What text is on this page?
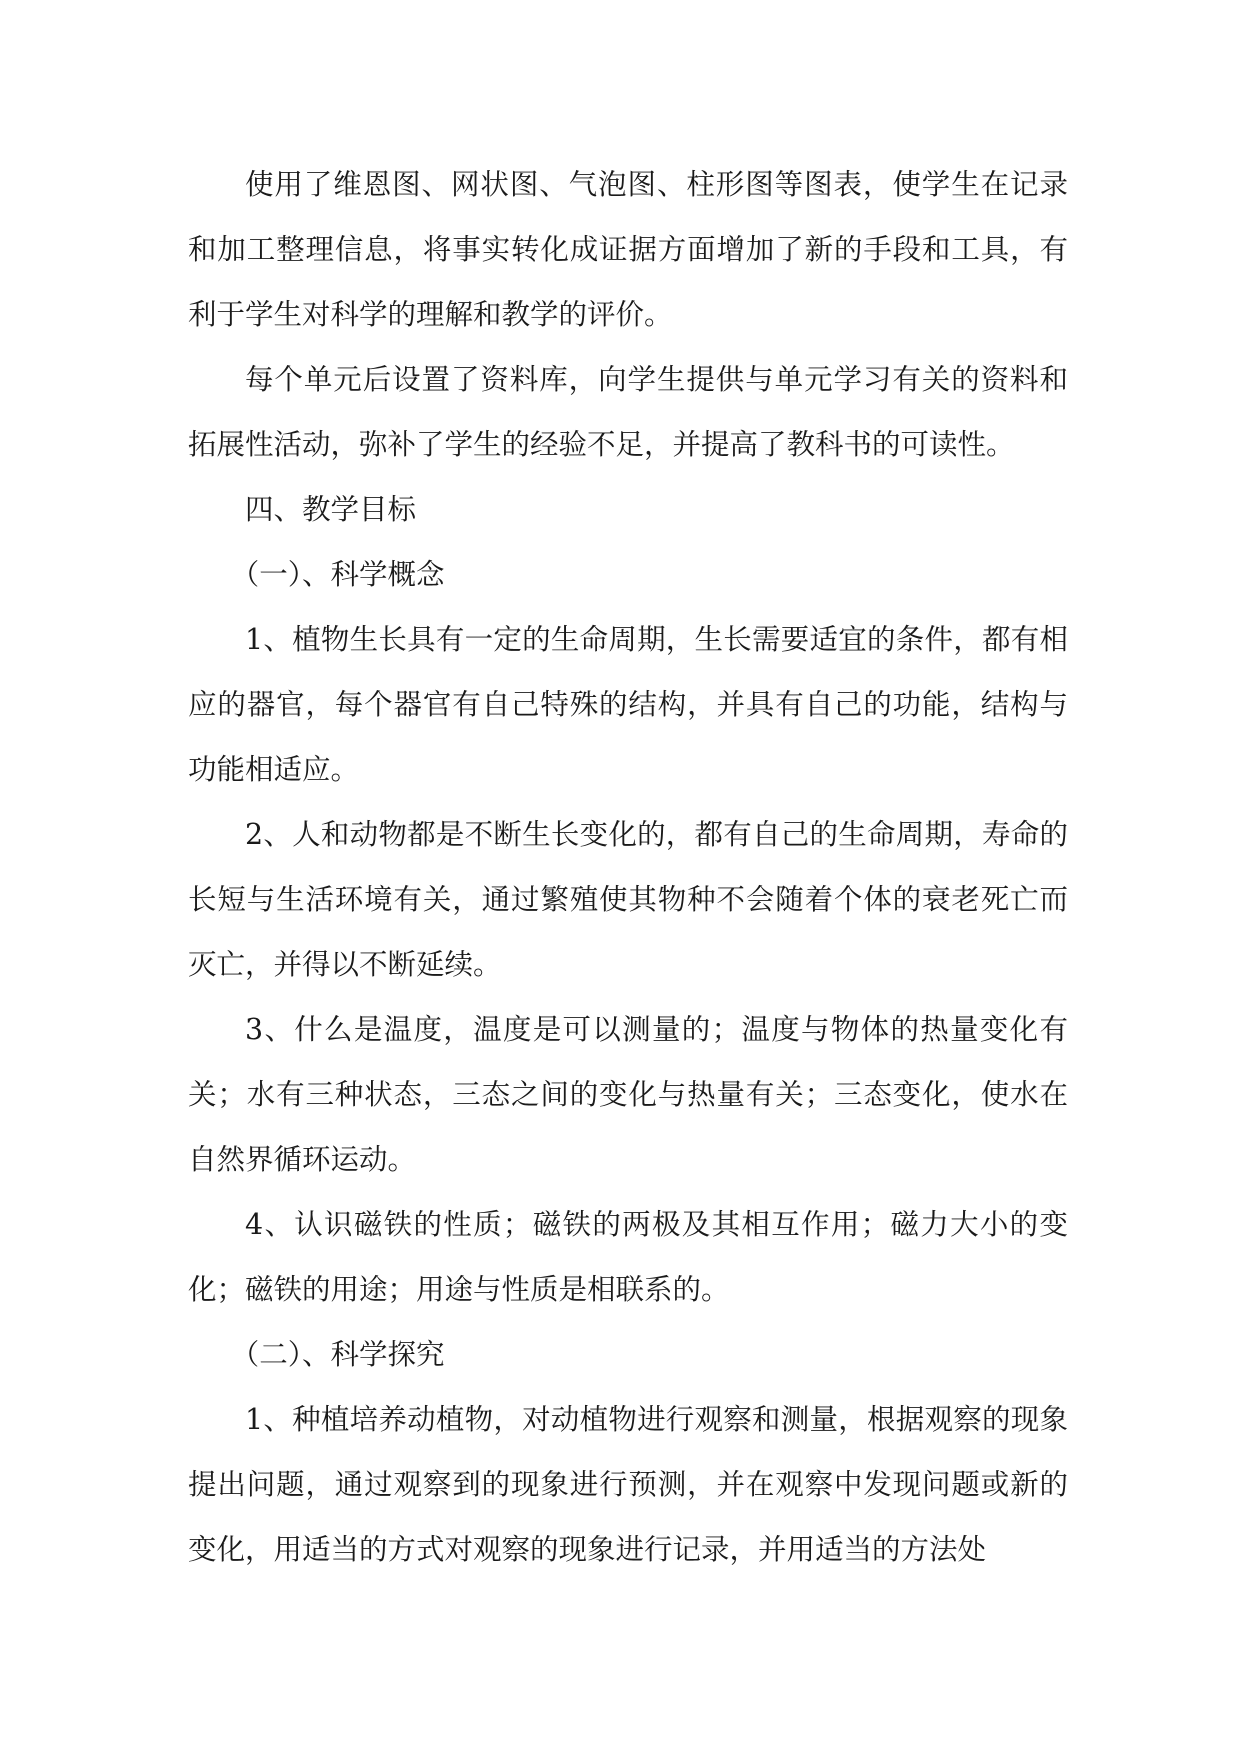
使用了维恩图、网状图、气泡图、柱形图等图表，使学生在记录和加工整理信息，将事实转化成证据方面增加了新的手段和工具，有利于学生对科学的理解和教学的评价。

每个单元后设置了资料库，向学生提供与单元学习有关的资料和拓展性活动，弥补了学生的经验不足，并提高了教科书的可读性。

四、教学目标

（一）、科学概念

1、植物生长具有一定的生命周期，生长需要适宜的条件，都有相应的器官，每个器官有自己特殊的结构，并具有自己的功能，结构与功能相适应。

2、人和动物都是不断生长变化的，都有自己的生命周期，寿命的长短与生活环境有关，通过繁殖使其物种不会随着个体的衰老死亡而灭亡，并得以不断延续。

3、什么是温度，温度是可以测量的；温度与物体的热量变化有关；水有三种状态，三态之间的变化与热量有关；三态变化，使水在自然界循环运动。

4、认识磁铁的性质；磁铁的两极及其相互作用；磁力大小的变化；磁铁的用途；用途与性质是相联系的。

（二）、科学探究

1、种植培养动植物，对动植物进行观察和测量，根据观察的现象提出问题，通过观察到的现象进行预测，并在观察中发现问题或新的变化，用适当的方式对观察的现象进行记录，并用适当的方法处
